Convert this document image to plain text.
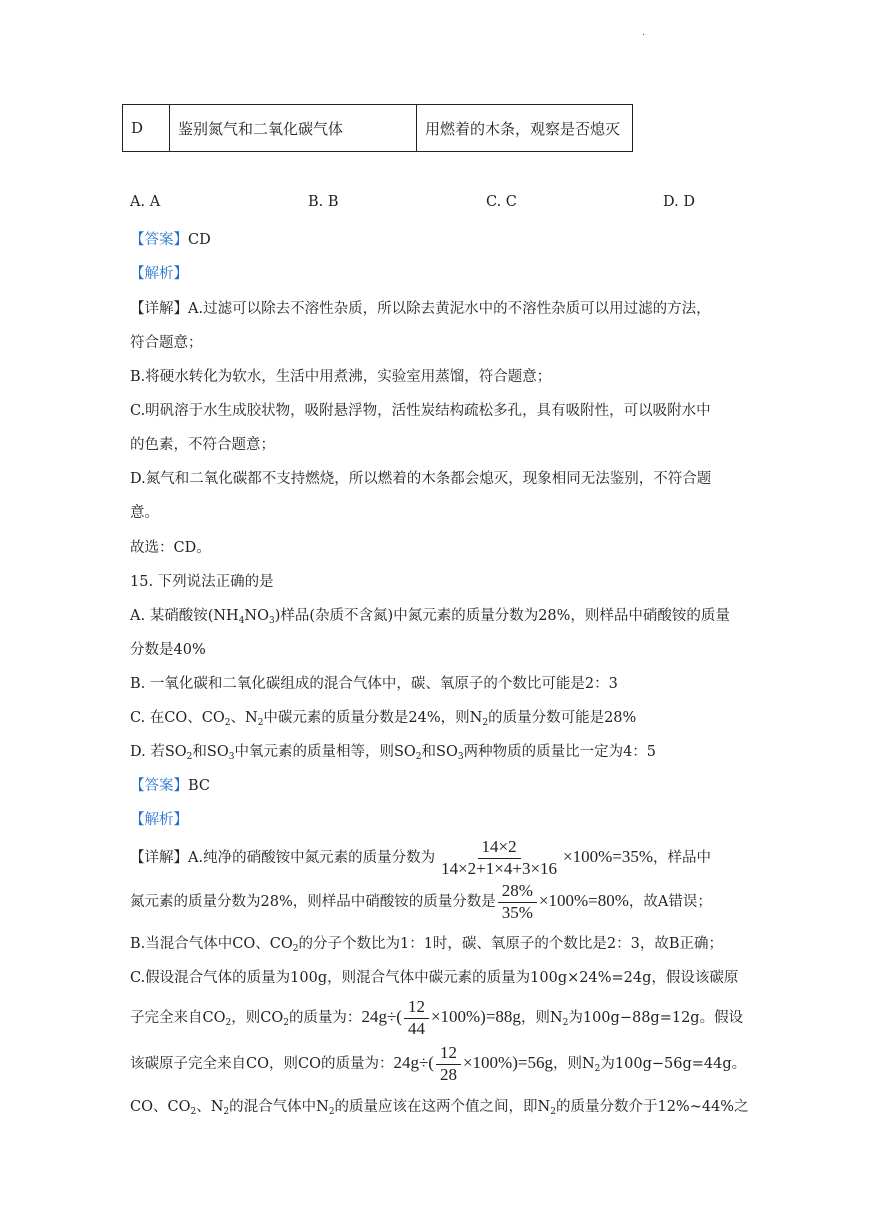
·
D	鉴别氮气和二氧化碳气体	用燃着的木条，观察是否熄灭
A. A	B. B	C. C	D. D
【答案】CD
【解析】
【详解】A.过滤可以除去不溶性杂质，所以除去黄泥水中的不溶性杂质可以用过滤的方法，
符合题意；
B.将硬水转化为软水，生活中用煮沸，实验室用蒸馏，符合题意；
C.明矾溶于水生成胶状物，吸附悬浮物，活性炭结构疏松多孔，具有吸附性，可以吸附水中
的色素，不符合题意；
D.氮气和二氧化碳都不支持燃烧，所以燃着的木条都会熄灭，现象相同无法鉴别，不符合题
意。
故选：CD。
15. 下列说法正确的是
A. 某硝酸铵$(NH_4NO_3)$样品(杂质不含氮)中氮元素的质量分数为28%，则样品中硝酸铵的质量
分数是40%
B. 一氧化碳和二氧化碳组成的混合气体中，碳、氧原子的个数比可能是2：3
C. 在CO、$CO_2$、$N_2$中碳元素的质量分数是24%，则$N_2$的质量分数可能是28%
D. 若$SO_2$和$SO_3$中氧元素的质量相等，则$SO_2$和$SO_3$两种物质的质量比一定为4：5
【答案】BC
【解析】
【详解】A.纯净的硝酸铵中氮元素的质量分数为 $\frac{14\times 2}{14\times 2+1\times 4+3\times 16} \times 100\%=35\%$，样品中
氮元素的质量分数为28%，则样品中硝酸铵的质量分数是 $\frac{28\%}{35\%} \times 100\%=80\%$，故A错误；
B.当混合气体中CO、$CO_2$的分子个数比为1：1时，碳、氧原子的个数比是2：3，故B正确；
C.假设混合气体的质量为100g，则混合气体中碳元素的质量为100g×24%=24g，假设该碳原
子完全来自$CO_2$，则$CO_2$的质量为：$24g\div( \frac{12}{44} \times 100\%)=88g$，则$N_2$为100g−88g=12g。假设
该碳原子完全来自CO，则CO的质量为：$24g\div( \frac{12}{28} \times 100\%)=56g$，则$N_2$为100g−56g=44g。
CO、$CO_2$、$N_2$的混合气体中$N_2$的质量应该在这两个值之间，即$N_2$的质量分数介于12%~44%之
